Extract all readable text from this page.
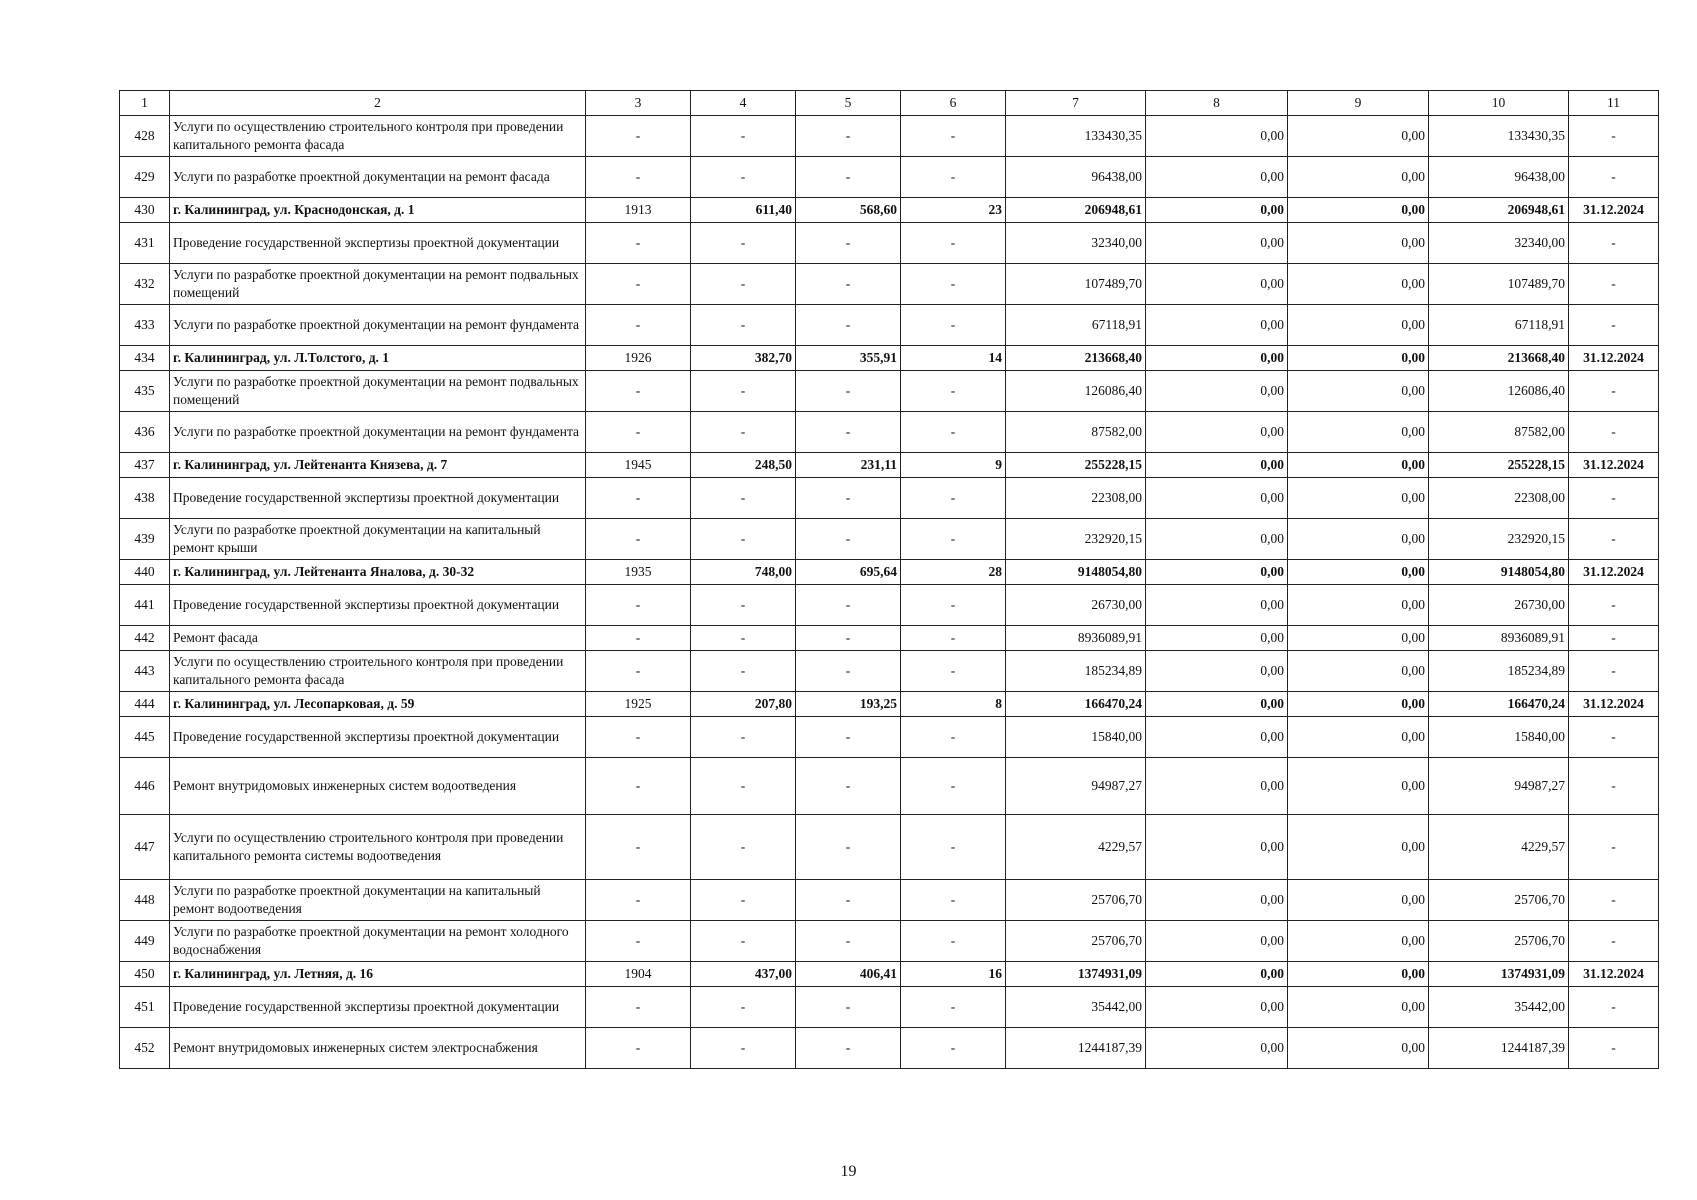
1	2	3	4	5	6	7	8	9	10	11
428	Услуги по осуществлению строительного контроля при проведении капитального ремонта фасада	-	-	-	-	133430,35	0,00	0,00	133430,35	-
429	Услуги по разработке проектной документации на ремонт фасада	-	-	-	-	96438,00	0,00	0,00	96438,00	-
430	г. Калининград, ул. Краснодонская, д. 1	1913	611,40	568,60	23	206948,61	0,00	0,00	206948,61	31.12.2024
431	Проведение государственной экспертизы проектной документации	-	-	-	-	32340,00	0,00	0,00	32340,00	-
432	Услуги по разработке проектной документации на ремонт подвальных помещений	-	-	-	-	107489,70	0,00	0,00	107489,70	-
433	Услуги по разработке проектной документации на ремонт фундамента	-	-	-	-	67118,91	0,00	0,00	67118,91	-
434	г. Калининград, ул. Л.Толстого, д. 1	1926	382,70	355,91	14	213668,40	0,00	0,00	213668,40	31.12.2024
435	Услуги по разработке проектной документации на ремонт подвальных помещений	-	-	-	-	126086,40	0,00	0,00	126086,40	-
436	Услуги по разработке проектной документации на ремонт фундамента	-	-	-	-	87582,00	0,00	0,00	87582,00	-
437	г. Калининград, ул. Лейтенанта Князева, д. 7	1945	248,50	231,11	9	255228,15	0,00	0,00	255228,15	31.12.2024
438	Проведение государственной экспертизы проектной документации	-	-	-	-	22308,00	0,00	0,00	22308,00	-
439	Услуги по разработке проектной документации на капитальный ремонт крыши	-	-	-	-	232920,15	0,00	0,00	232920,15	-
440	г. Калининград, ул. Лейтенанта Яналова, д. 30-32	1935	748,00	695,64	28	9148054,80	0,00	0,00	9148054,80	31.12.2024
441	Проведение государственной экспертизы проектной документации	-	-	-	-	26730,00	0,00	0,00	26730,00	-
442	Ремонт фасада	-	-	-	-	8936089,91	0,00	0,00	8936089,91	-
443	Услуги по осуществлению строительного контроля при проведении капитального ремонта фасада	-	-	-	-	185234,89	0,00	0,00	185234,89	-
444	г. Калининград, ул. Лесопарковая, д. 59	1925	207,80	193,25	8	166470,24	0,00	0,00	166470,24	31.12.2024
445	Проведение государственной экспертизы проектной документации	-	-	-	-	15840,00	0,00	0,00	15840,00	-
446	Ремонт внутридомовых инженерных систем водоотведения	-	-	-	-	94987,27	0,00	0,00	94987,27	-
447	Услуги по осуществлению строительного контроля при проведении капитального ремонта системы водоотведения	-	-	-	-	4229,57	0,00	0,00	4229,57	-
448	Услуги по разработке проектной документации на капитальный ремонт водоотведения	-	-	-	-	25706,70	0,00	0,00	25706,70	-
449	Услуги по разработке проектной документации на ремонт холодного водоснабжения	-	-	-	-	25706,70	0,00	0,00	25706,70	-
450	г. Калининград, ул. Летняя, д. 16	1904	437,00	406,41	16	1374931,09	0,00	0,00	1374931,09	31.12.2024
451	Проведение государственной экспертизы проектной документации	-	-	-	-	35442,00	0,00	0,00	35442,00	-
452	Ремонт внутридомовых инженерных систем электроснабжения	-	-	-	-	1244187,39	0,00	0,00	1244187,39	-
19
